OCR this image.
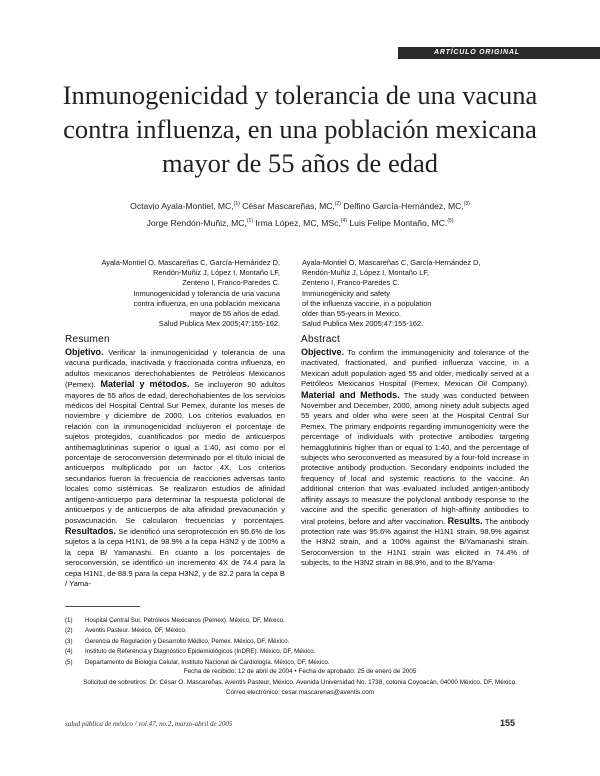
ARTÍCULO ORIGINAL
Inmunogenicidad y tolerancia de una vacuna
contra influenza, en una población mexicana
mayor de 55 años de edad
Octavio Ayala-Montiel, MC,$^{(1)}$ César Mascareñas, MC,$^{(2)}$ Delfino García-Hernández, MC,$^{(3)}$
Jorge Rendón-Muñiz, MC,$^{(1)}$ Irma López, MC, MSc,$^{(4)}$ Luis Felipe Montaño, MC.$^{(5)}$
Ayala-Montiel O, Mascareñas C, García-Hernández D,
Rendón-Muñiz J, López I, Montaño LF,
Zenteno I, Franco-Paredes C.
Inmunogenicidad y tolerancia de una vacuna
contra influenza, en una población mexicana
mayor de 55 años de edad.
Salud Publica Mex 2005;47:155-162.
Ayala-Montiel O, Mascareñas C, García-Hernández D,
Rendón-Muñiz J, López I, Montaño LF,
Zenteno I, Franco-Paredes C.
Immunogenicity and safety
of the influenza vaccine, in a population
older than 55-years in Mexico.
Salud Publica Mex 2005;47:155-162.
Resumen
Objetivo. Verificar la inmunogenicidad y tolerancia de una vacuna purificada, inactivada y fraccionada contra influenza, en adultos mexicanos derechohabientes de Petróleos Mexicanos (Pemex). Material y métodos. Se incluyeron 90 adultos mayores de 55 años de edad, derechohabientes de los servicios médicos del Hospital Central Sur Pemex, durante los meses de noviembre y diciembre de 2000. Los criterios evaluados en relación con la inmunogenicidad incluyeron el porcentaje de sujetos protegidos, cuantificados por medio de anticuerpos antihemaglutininas superior o igual a 1:40, así como por el porcentaje de seroconversión determinado por el título inicial de anticuerpos multiplicado por un factor 4X. Los criterios secundarios fueron la frecuencia de reacciones adversas tanto locales como sistémicas. Se realizaron estudios de afinidad antígeno-anticuerpo para determinar la respuesta policlonal de anticuerpos y de anticuerpos de alta afinidad prevacunación y posvacunación. Se calcularon frecuencias y porcentajes. Resultados. Se identificó una seroprotección en 95.6% de los sujetos a la cepa H1N1, de 98.9% a la cepa H3N2 y de 100% a la cepa B/ Yamanashi. En cuanto a los porcentajes de seroconversión, se identificó un incremento 4X de 74.4 para la cepa H1N1, de 88.9 para la cepa H3N2, y de 82.2 para la cepa B / Yama-
Abstract
Objective. To confirm the immunogenicity and tolerance of the inactivated, fractionated, and purified influenza vaccine, in a Mexican adult population aged 55 and older, medically served at a Petróleos Mexicanos Hospital (Pemex, Mexican Oil Company). Material and Methods. The study was conducted between November and December, 2000, among ninety adult subjects aged 55 years and older who were seen at the Hospital Central Sur Pemex. The primary endpoints regarding immunogenicity were the percentage of individuals with protective antibodies targeting hemagglutinins higher than or equal to 1:40, and the percentage of subjects who seroconverted as measured by a four-fold increase in protective antibody production. Secondary endpoints included the frequency of local and systemic reactions to the vaccine. An additional criterion that was evaluated included antigen-antibody affinity assays to measure the polyclonal antibody response to the vaccine and the specific generation of high-affinity antibodies to viral proteins, before and after vaccination. Results. The antibody protection rate was 95.6% against the H1N1 strain, 98.9% against the H3N2 strain, and a 100% against the B/Yamanashi strain. Seroconversion to the H1N1 strain was elicited in 74.4% of subjects, to the H3N2 strain in 88.9%, and to the B/Yama-
(1)	Hospital Central Sur, Petróleos Mexicanos (Pemex). México, DF, México.
(2)	Aventis Pasteur. México, DF, México.
(3)	Gerencia de Regulación y Desarrollo Médico, Pemex. México, DF, México.
(4)	Instituto de Referencia y Diagnóstico Epidemiológicos (InDRE). México, DF, México.
(5)	Departamento de Biología Celular, Instituto Nacional de Cardiología. México, DF, México.
Fecha de recibido: 12 de abril de 2004 • Fecha de aprobado: 25 de enero de 2005
Solicitud de sobretiros: Dr. César O. Mascareñas. Aventis Pasteur, México. Avenida Universidad No. 1738, colonia Coyoacán, 04000 México, DF, México.
Correo electrónico: cesar.mascarenas@aventis.com
salud pública de méxico / vol.47, no.2, marzo-abril de 2005	155
